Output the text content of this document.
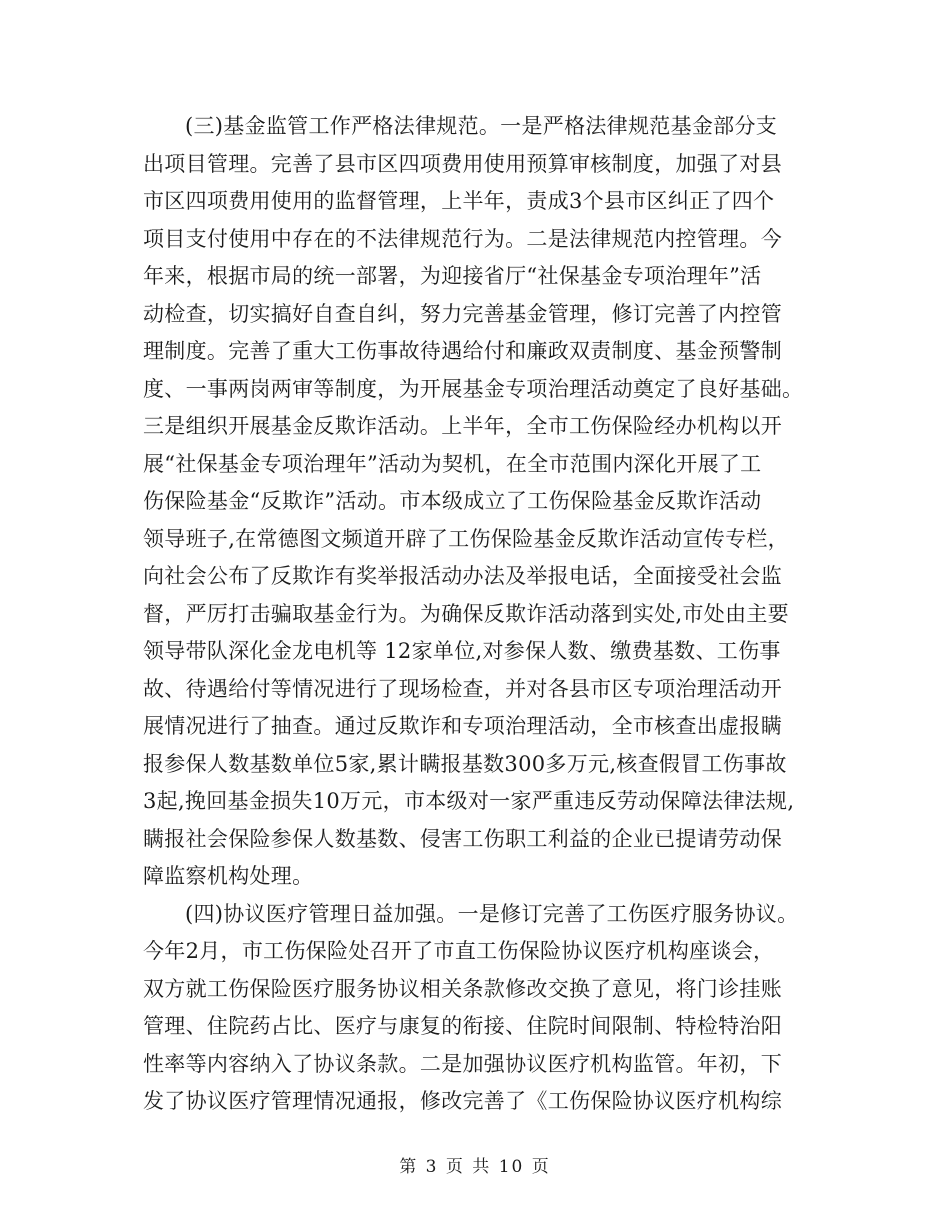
(三)基金监管工作严格法律规范。一是严格法律规范基金部分支
出项目管理。完善了县市区四项费用使用预算审核制度，加强了对县
市区四项费用使用的监督管理，上半年，责成3个县市区纠正了四个
项目支付使用中存在的不法律规范行为。二是法律规范内控管理。今
年来，根据市局的统一部署，为迎接省厅“社保基金专项治理年”活
动检查，切实搞好自查自纠，努力完善基金管理，修订完善了内控管
理制度。完善了重大工伤事故待遇给付和廉政双责制度、基金预警制
度、一事两岗两审等制度，为开展基金专项治理活动奠定了良好基础。
三是组织开展基金反欺诈活动。上半年，全市工伤保险经办机构以开
展“社保基金专项治理年”活动为契机，在全市范围内深化开展了工
伤保险基金“反欺诈”活动。市本级成立了工伤保险基金反欺诈活动
领导班子,在常德图文频道开辟了工伤保险基金反欺诈活动宣传专栏，
向社会公布了反欺诈有奖举报活动办法及举报电话，全面接受社会监
督，严厉打击骗取基金行为。为确保反欺诈活动落到实处,市处由主要
领导带队深化金龙电机等 12家单位,对参保人数、缴费基数、工伤事
故、待遇给付等情况进行了现场检查，并对各县市区专项治理活动开
展情况进行了抽查。通过反欺诈和专项治理活动，全市核查出虚报瞒
报参保人数基数单位5家,累计瞒报基数300多万元,核查假冒工伤事故
3起,挽回基金损失10万元，市本级对一家严重违反劳动保障法律法规,
瞒报社会保险参保人数基数、侵害工伤职工利益的企业已提请劳动保
障监察机构处理。
(四)协议医疗管理日益加强。一是修订完善了工伤医疗服务协议。
今年2月，市工伤保险处召开了市直工伤保险协议医疗机构座谈会，
双方就工伤保险医疗服务协议相关条款修改交换了意见，将门诊挂账
管理、住院药占比、医疗与康复的衔接、住院时间限制、特检特治阳
性率等内容纳入了协议条款。二是加强协议医疗机构监管。年初，下
发了协议医疗管理情况通报，修改完善了《工伤保险协议医疗机构综
第 3 页 共 10 页
